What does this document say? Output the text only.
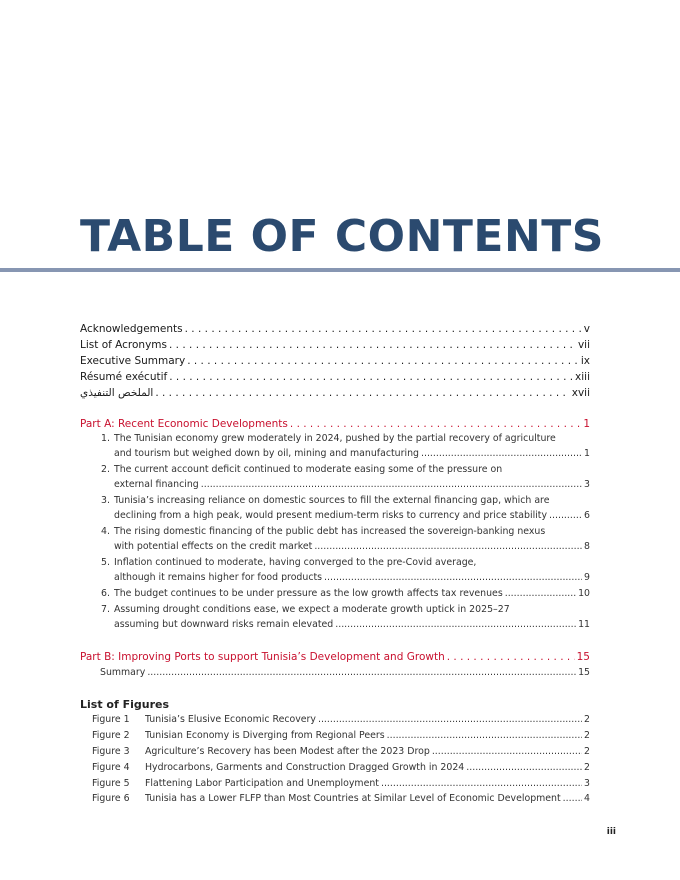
TABLE OF CONTENTS
Acknowledgements . . .	v
List of Acronyms . . .	vii
Executive Summary . . .	ix
Résumé exécutif . . .	xiii
الملخص التنفيذي . . .	xvii
Part A: Recent Economic Developments . . .	1
1. The Tunisian economy grew moderately in 2024, pushed by the partial recovery of agriculture
and tourism but weighed down by oil, mining and manufacturing .....	1
2. The current account deficit continued to moderate easing some of the pressure on
external financing .....	3
3. Tunisia’s increasing reliance on domestic sources to fill the external financing gap, which are
declining from a high peak, would present medium-term risks to currency and price stability .....	6
4. The rising domestic financing of the public debt has increased the sovereign-banking nexus
with potential effects on the credit market .....	8
5. Inflation continued to moderate, having converged to the pre-Covid average,
although it remains higher for food products .....	9
6. The budget continues to be under pressure as the low growth affects tax revenues .....	10
7. Assuming drought conditions ease, we expect a moderate growth uptick in 2025–27
assuming but downward risks remain elevated .....	11
Part B: Improving Ports to support Tunisia’s Development and Growth . . .	15
Summary .....	15
List of Figures
Figure 1 Tunisia’s Elusive Economic Recovery .....	2
Figure 2 Tunisian Economy is Diverging from Regional Peers .....	2
Figure 3 Agriculture’s Recovery has been Modest after the 2023 Drop .....	2
Figure 4 Hydrocarbons, Garments and Construction Dragged Growth in 2024 .....	2
Figure 5 Flattening Labor Participation and Unemployment .....	3
Figure 6 Tunisia has a Lower FLFP than Most Countries at Similar Level of Economic Development ..... 4
iii
